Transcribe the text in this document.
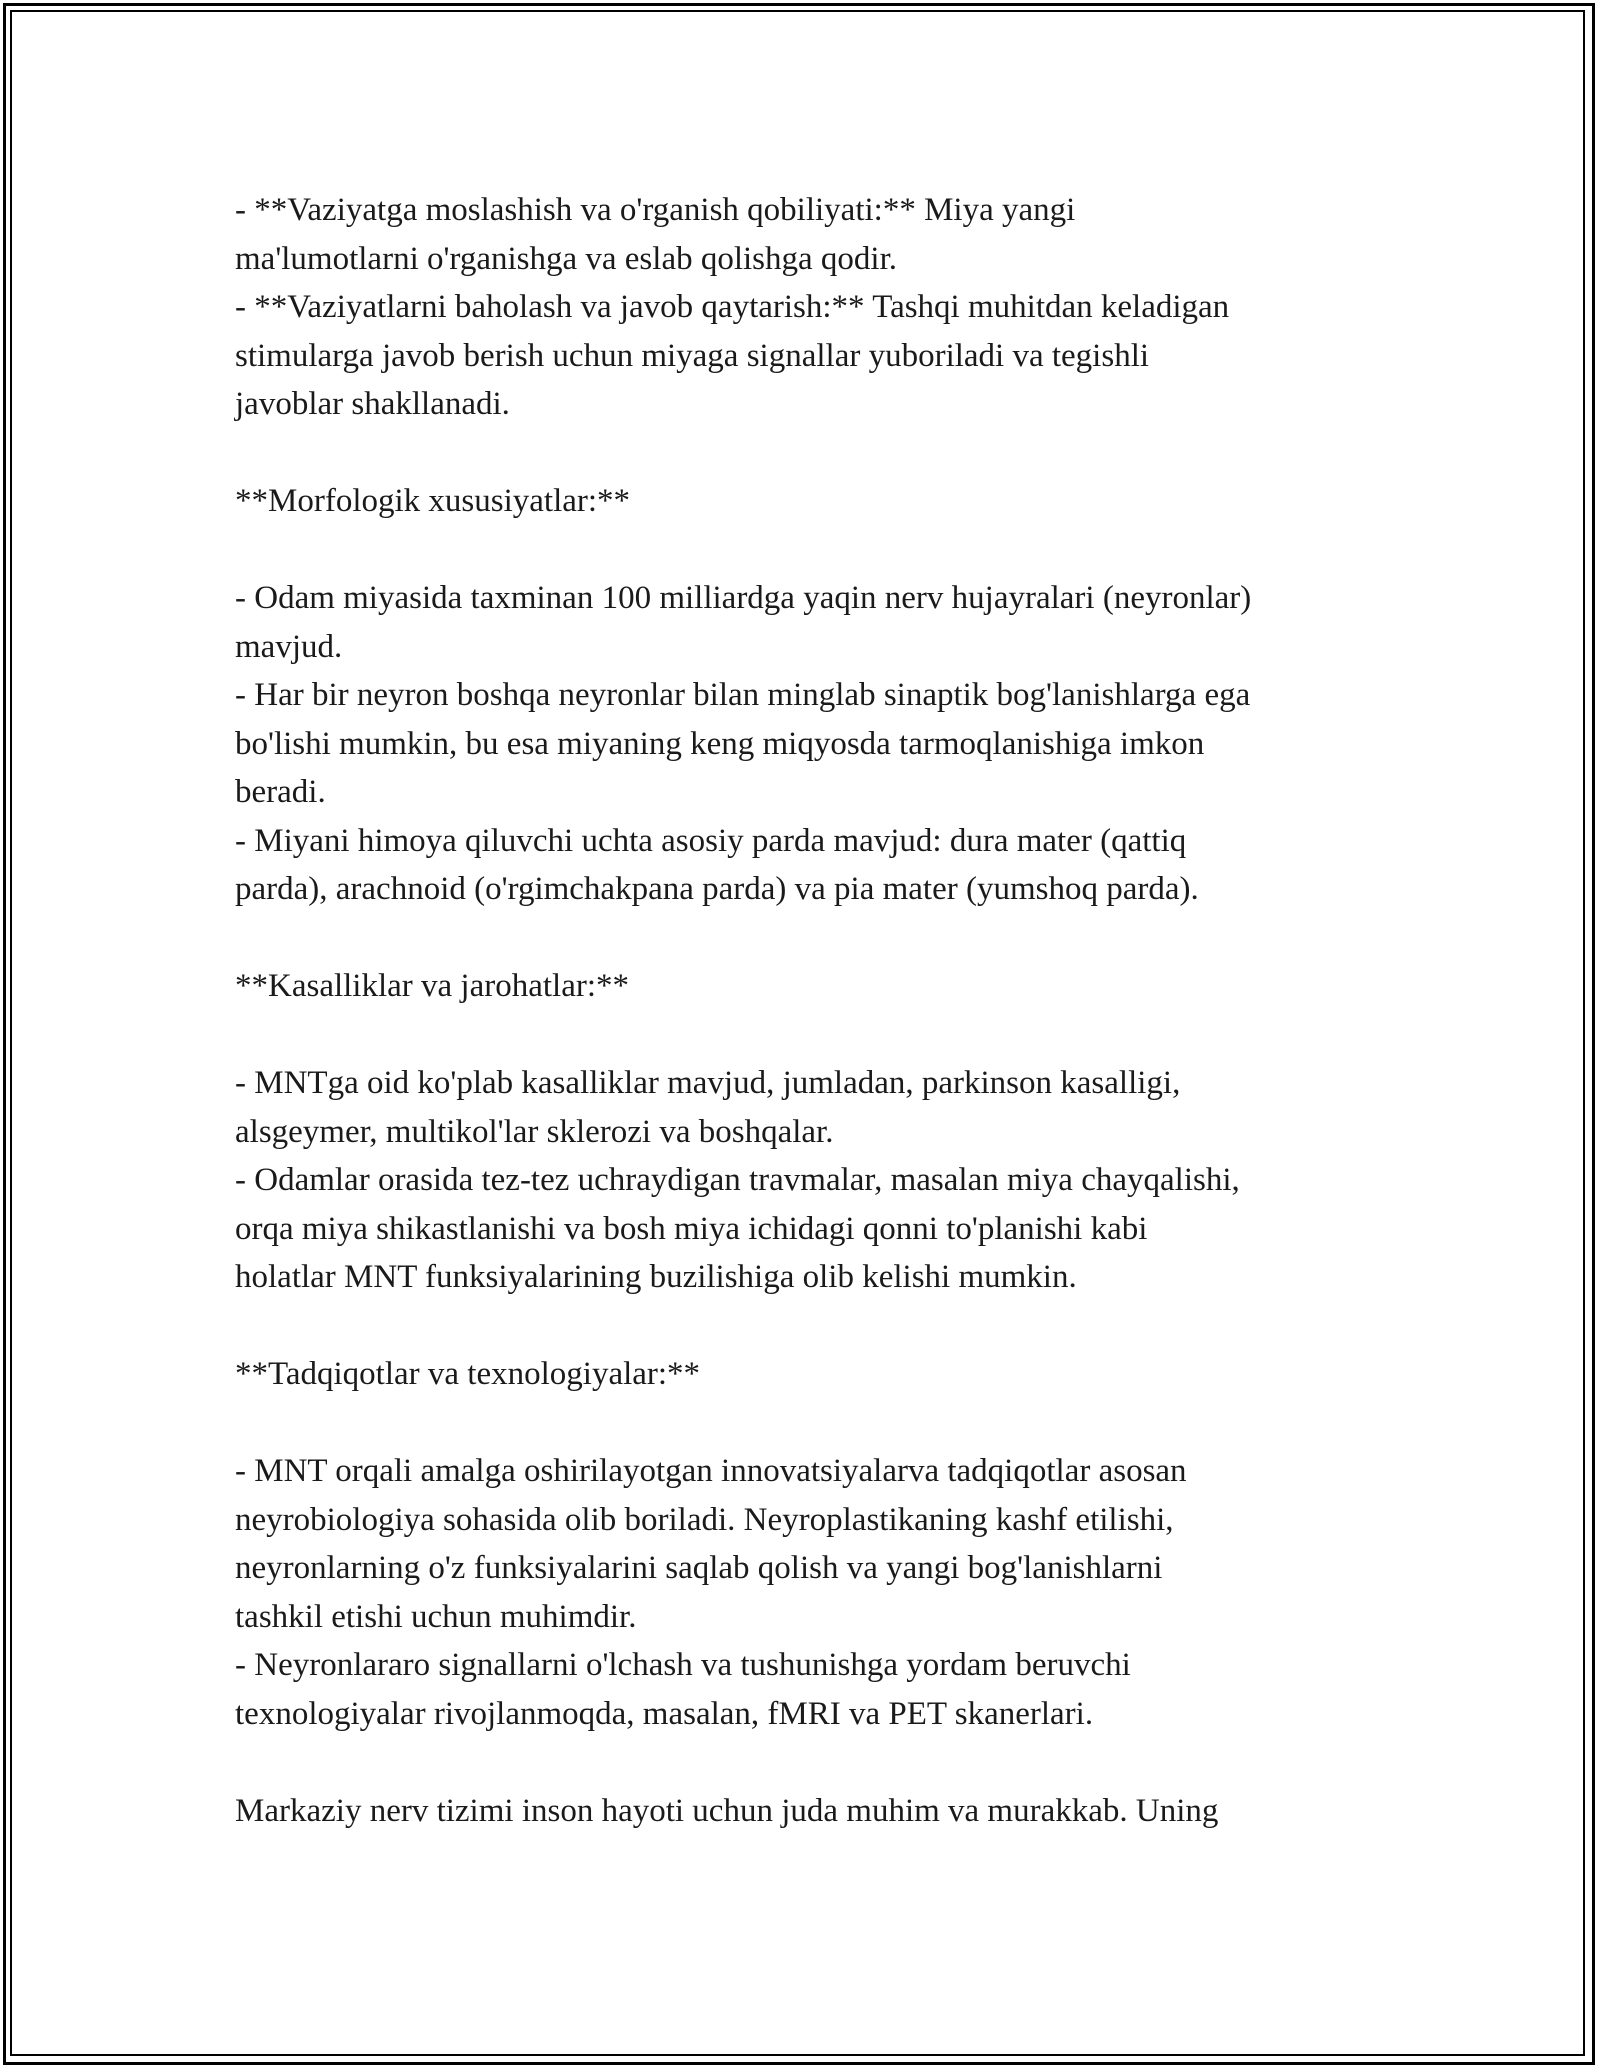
- **Vaziyatga moslashish va o'rganish qobiliyati:** Miya yangi
ma'lumotlarni o'rganishga va eslab qolishga qodir.
- **Vaziyatlarni baholash va javob qaytarish:** Tashqi muhitdan keladigan
stimularga javob berish uchun miyaga signallar yuboriladi va tegishli
javoblar shakllanadi.
**Morfologik xususiyatlar:**
- Odam miyasida taxminan 100 milliardga yaqin nerv hujayralari (neyronlar)
mavjud.
- Har bir neyron boshqa neyronlar bilan minglab sinaptik bog'lanishlarga ega
bo'lishi mumkin, bu esa miyaning keng miqyosda tarmoqlanishiga imkon
beradi.
- Miyani himoya qiluvchi uchta asosiy parda mavjud: dura mater (qattiq
parda), arachnoid (o'rgimchakpana parda) va pia mater (yumshoq parda).
**Kasalliklar va jarohatlar:**
- MNTga oid ko'plab kasalliklar mavjud, jumladan, parkinson kasalligi,
alsgeymer, multikol'lar sklerozi va boshqalar.
- Odamlar orasida tez-tez uchraydigan travmalar, masalan miya chayqalishi,
orqa miya shikastlanishi va bosh miya ichidagi qonni to'planishi kabi
holatlar MNT funksiyalarining buzilishiga olib kelishi mumkin.
**Tadqiqotlar va texnologiyalar:**
- MNT orqali amalga oshirilayotgan innovatsiyalarva tadqiqotlar asosan
neyrobiologiya sohasida olib boriladi. Neyroplastikaning kashf etilishi,
neyronlarning o'z funksiyalarini saqlab qolish va yangi bog'lanishlarni
tashkil etishi uchun muhimdir.
- Neyronlararo signallarni o'lchash va tushunishga yordam beruvchi
texnologiyalar rivojlanmoqda, masalan, fMRI va PET skanerlari.
Markaziy nerv tizimi inson hayoti uchun juda muhim va murakkab. Uning
